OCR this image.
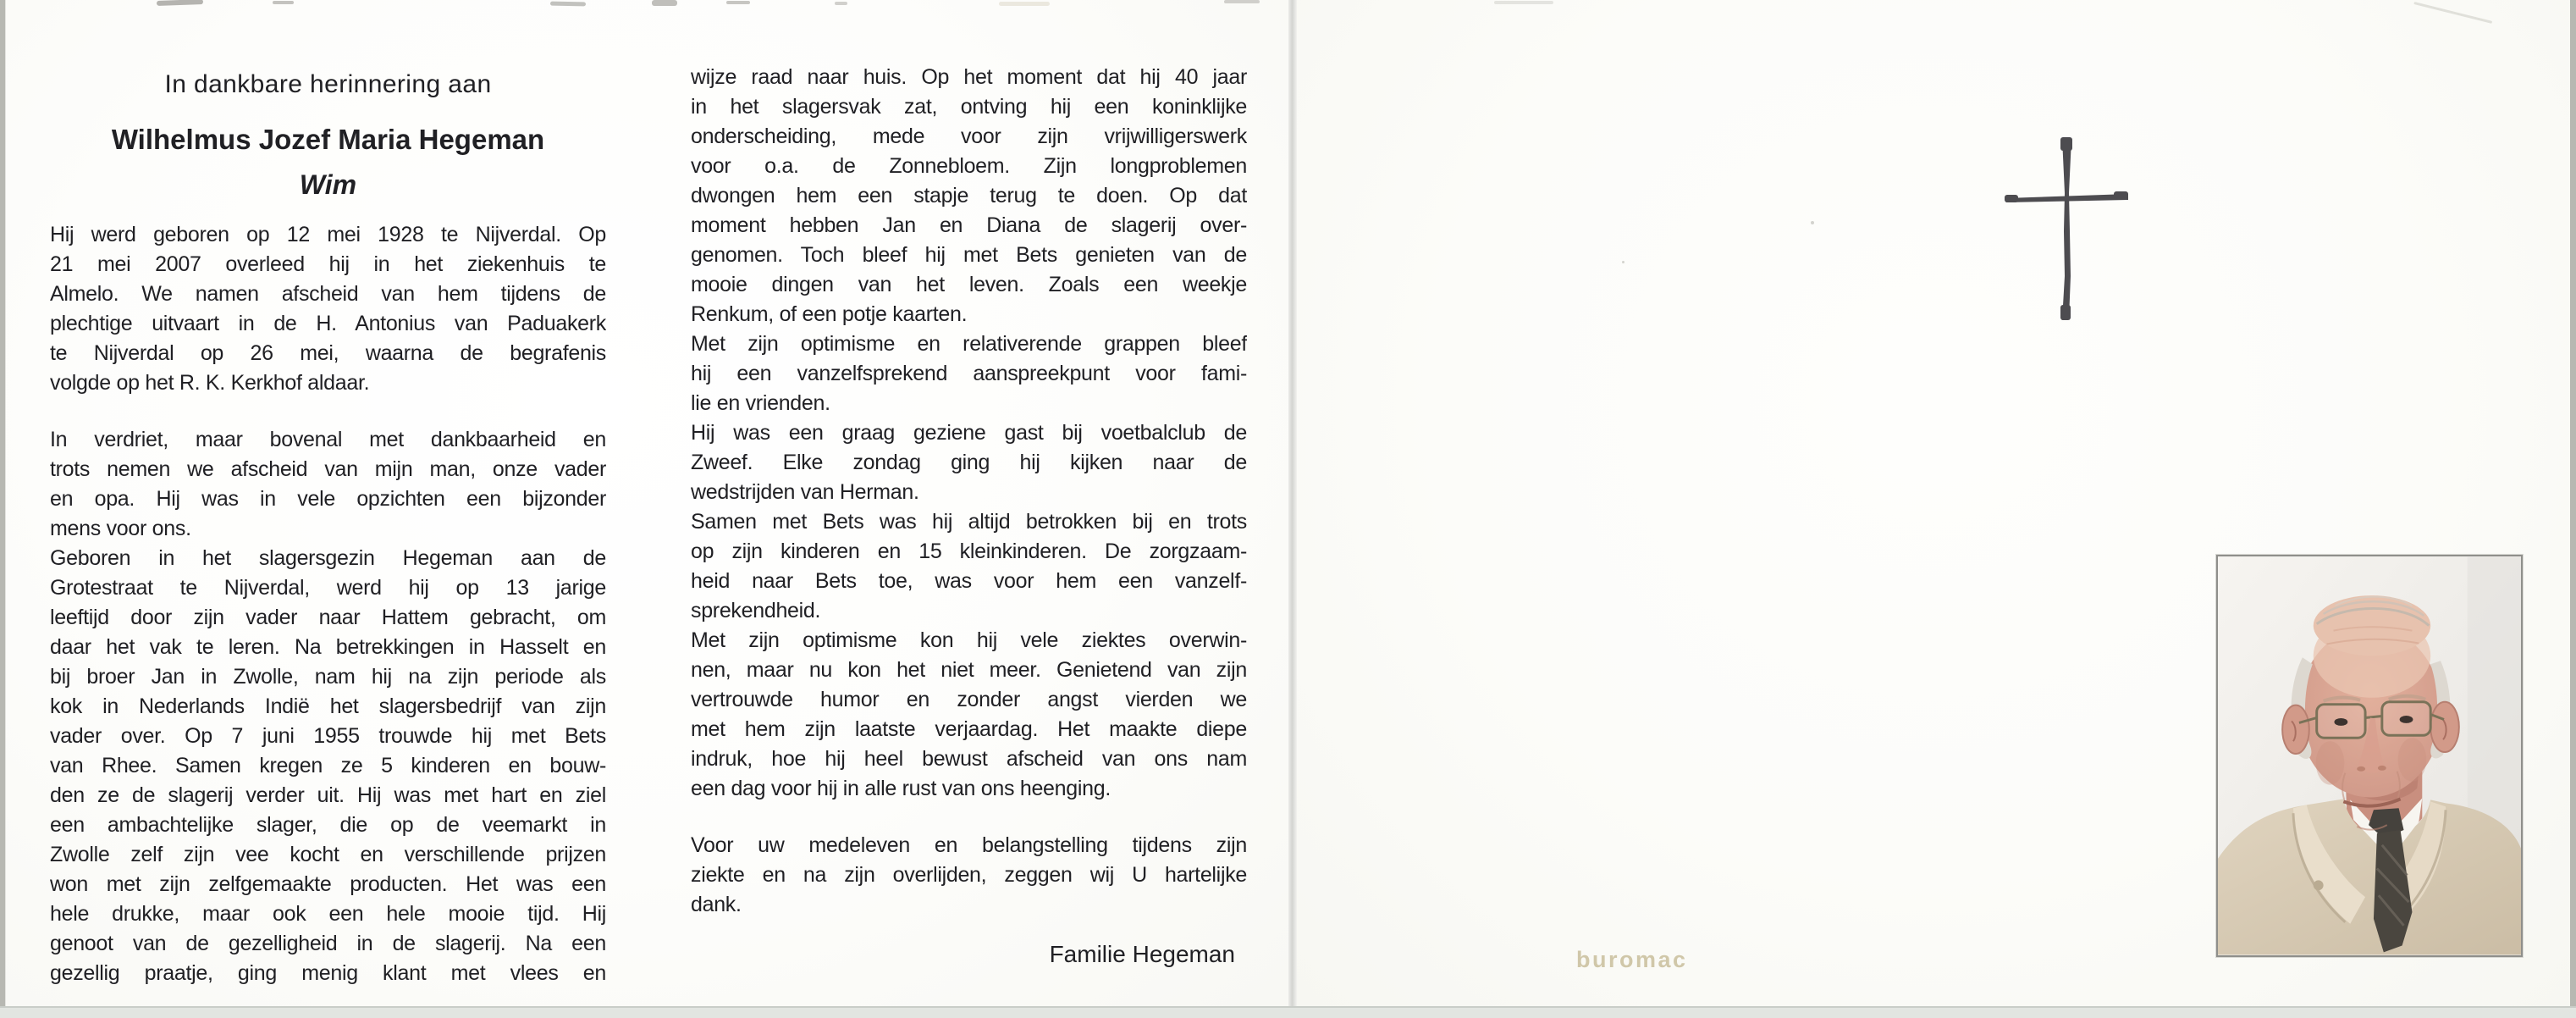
In dankbare herinnering aan
Wilhelmus Jozef Maria Hegeman
Wim
Hij werd geboren op 12 mei 1928 te Nijverdal. Op
21 mei 2007 overleed hij in het ziekenhuis te
Almelo. We namen afscheid van hem tijdens de
plechtige uitvaart in de H. Antonius van Paduakerk
te Nijverdal op 26 mei, waarna de begrafenis
volgde op het R. K. Kerkhof aldaar.
In verdriet, maar bovenal met dankbaarheid en
trots nemen we afscheid van mijn man, onze vader
en opa. Hij was in vele opzichten een bijzonder
mens voor ons.
Geboren in het slagersgezin Hegeman aan de
Grotestraat te Nijverdal, werd hij op 13 jarige
leeftijd door zijn vader naar Hattem gebracht, om
daar het vak te leren. Na betrekkingen in Hasselt en
bij broer Jan in Zwolle, nam hij na zijn periode als
kok in Nederlands Indië het slagersbedrijf van zijn
vader over. Op 7 juni 1955 trouwde hij met Bets
van Rhee. Samen kregen ze 5 kinderen en bouw-
den ze de slagerij verder uit. Hij was met hart en ziel
een ambachtelijke slager, die op de veemarkt in
Zwolle zelf zijn vee kocht en verschillende prijzen
won met zijn zelfgemaakte producten. Het was een
hele drukke, maar ook een hele mooie tijd. Hij
genoot van de gezelligheid in de slagerij. Na een
gezellig praatje, ging menig klant met vlees en
wijze raad naar huis. Op het moment dat hij 40 jaar
in het slagersvak zat, ontving hij een koninklijke
onderscheiding, mede voor zijn vrijwilligerswerk
voor o.a. de Zonnebloem. Zijn longproblemen
dwongen hem een stapje terug te doen. Op dat
moment hebben Jan en Diana de slagerij over-
genomen. Toch bleef hij met Bets genieten van de
mooie dingen van het leven. Zoals een weekje
Renkum, of een potje kaarten.
Met zijn optimisme en relativerende grappen bleef
hij een vanzelfsprekend aanspreekpunt voor fami-
lie en vrienden.
Hij was een graag geziene gast bij voetbalclub de
Zweef. Elke zondag ging hij kijken naar de
wedstrijden van Herman.
Samen met Bets was hij altijd betrokken bij en trots
op zijn kinderen en 15 kleinkinderen. De zorgzaam-
heid naar Bets toe, was voor hem een vanzelf-
sprekendheid.
Met zijn optimisme kon hij vele ziektes overwin-
nen, maar nu kon het niet meer. Genietend van zijn
vertrouwde humor en zonder angst vierden we
met hem zijn laatste verjaardag. Het maakte diepe
indruk, hoe hij heel bewust afscheid van ons nam
een dag voor hij in alle rust van ons heenging.
Voor uw medeleven en belangstelling tijdens zijn
ziekte en na zijn overlijden, zeggen wij U hartelijke
dank.
Familie Hegeman	buromac
